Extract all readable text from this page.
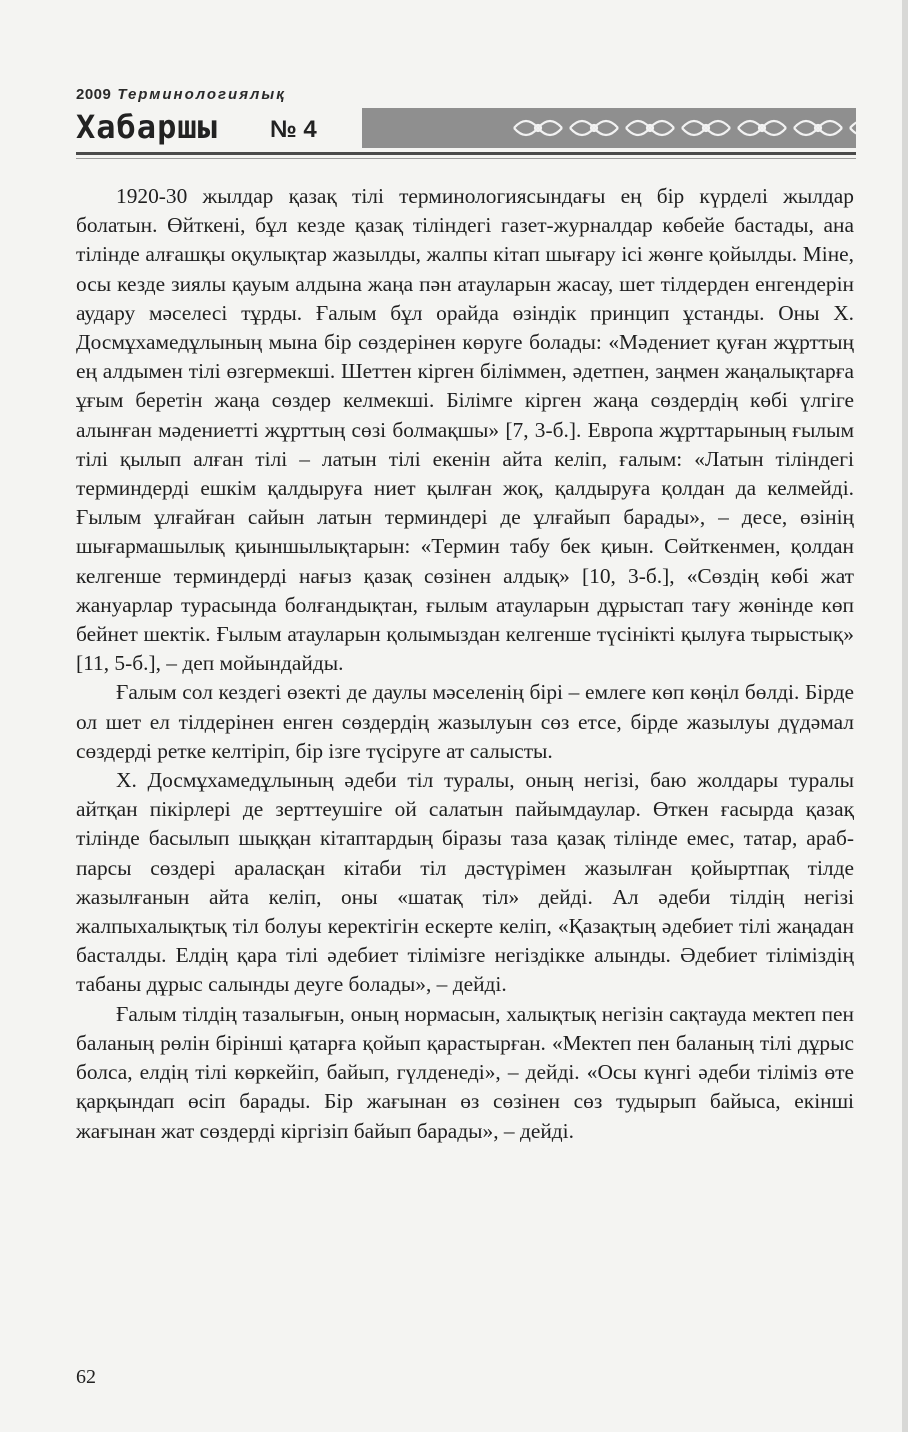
2009 Терминологиялық
Хабаршы № 4

1920-30 жылдар қазақ тілі терминологиясындағы ең бір күрделі жылдар болатын. Өйткені, бұл кезде қазақ тіліндегі газет-журналдар көбейе бастады, ана тілінде алғашқы оқулықтар жазылды, жалпы кітап шығару ісі жөнге қойылды. Міне, осы кезде зиялы қауым алдына жаңа пән атауларын жасау, шет тілдерден енгендерін аудару мәселесі тұрды. Ғалым бұл орайда өзіндік принцип ұстанды. Оны Х. Досмұхамедұлының мына бір сөздерінен көруге болады: «Мәдениет қуған жұрттың ең алдымен тілі өзгермекші. Шеттен кірген біліммен, әдетпен, заңмен жаңалықтарға ұғым беретін жаңа сөздер келмекші. Білімге кірген жаңа сөздердің көбі үлгіге алынған мәдениетті жұрттың сөзі болмақшы» [7, 3-б.]. Европа жұрттарының ғылым тілі қылып алған тілі – латын тілі екенін айта келіп, ғалым: «Латын тіліндегі терминдерді ешкім қалдыруға ниет қылған жоқ, қалдыруға қолдан да келмейді. Ғылым ұлғайған сайын латын терминдері де ұлғайып барады», – десе, өзінің шығармашылық қиыншылықтарын: «Термин табу бек қиын. Сөйткенмен, қолдан келгенше терминдерді нағыз қазақ сөзінен алдық» [10, 3-б.], «Сөздің көбі жат жануарлар турасында болғандықтан, ғылым атауларын дұрыстап тағу жөнінде көп бейнет шектік. Ғылым атауларын қолымыздан келгенше түсінікті қылуға тырыстық» [11, 5-б.], – деп мойындайды.

Ғалым сол кездегі өзекті де даулы мәселенің бірі – емлеге көп көңіл бөлді. Бірде ол шет ел тілдерінен енген сөздердің жазылуын сөз етсе, бірде жазылуы дүдәмал сөздерді ретке келтіріп, бір ізге түсіруге ат салысты.

Х. Досмұхамедұлының әдеби тіл туралы, оның негізі, баю жолдары туралы айтқан пікірлері де зерттеушіге ой салатын пайымдаулар. Өткен ғасырда қазақ тілінде басылып шыққан кітаптардың біразы таза қазақ тілінде емес, татар, араб-парсы сөздері араласқан кітаби тіл дәстүрімен жазылған қойыртпақ тілде жазылғанын айта келіп, оны «шатақ тіл» дейді. Ал әдеби тілдің негізі жалпыхалықтық тіл болуы керектігін ескерте келіп, «Қазақтың әдебиет тілі жаңадан басталды. Елдің қара тілі әдебиет тілімізге негіздікке алынды. Әдебиет тіліміздің табаны дұрыс салынды деуге болады», – дейді.

Ғалым тілдің тазалығын, оның нормасын, халықтық негізін сақтауда мектеп пен баланың рөлін бірінші қатарға қойып қарастырған. «Мектеп пен баланың тілі дұрыс болса, елдің тілі көркейіп, байып, гүлденеді», – дейді. «Осы күнгі әдеби тіліміз өте қарқындап өсіп барады. Бір жағынан өз сөзінен сөз тудырып байыса, екінші жағынан жат сөздерді кіргізіп байып барады», – дейді.

62
